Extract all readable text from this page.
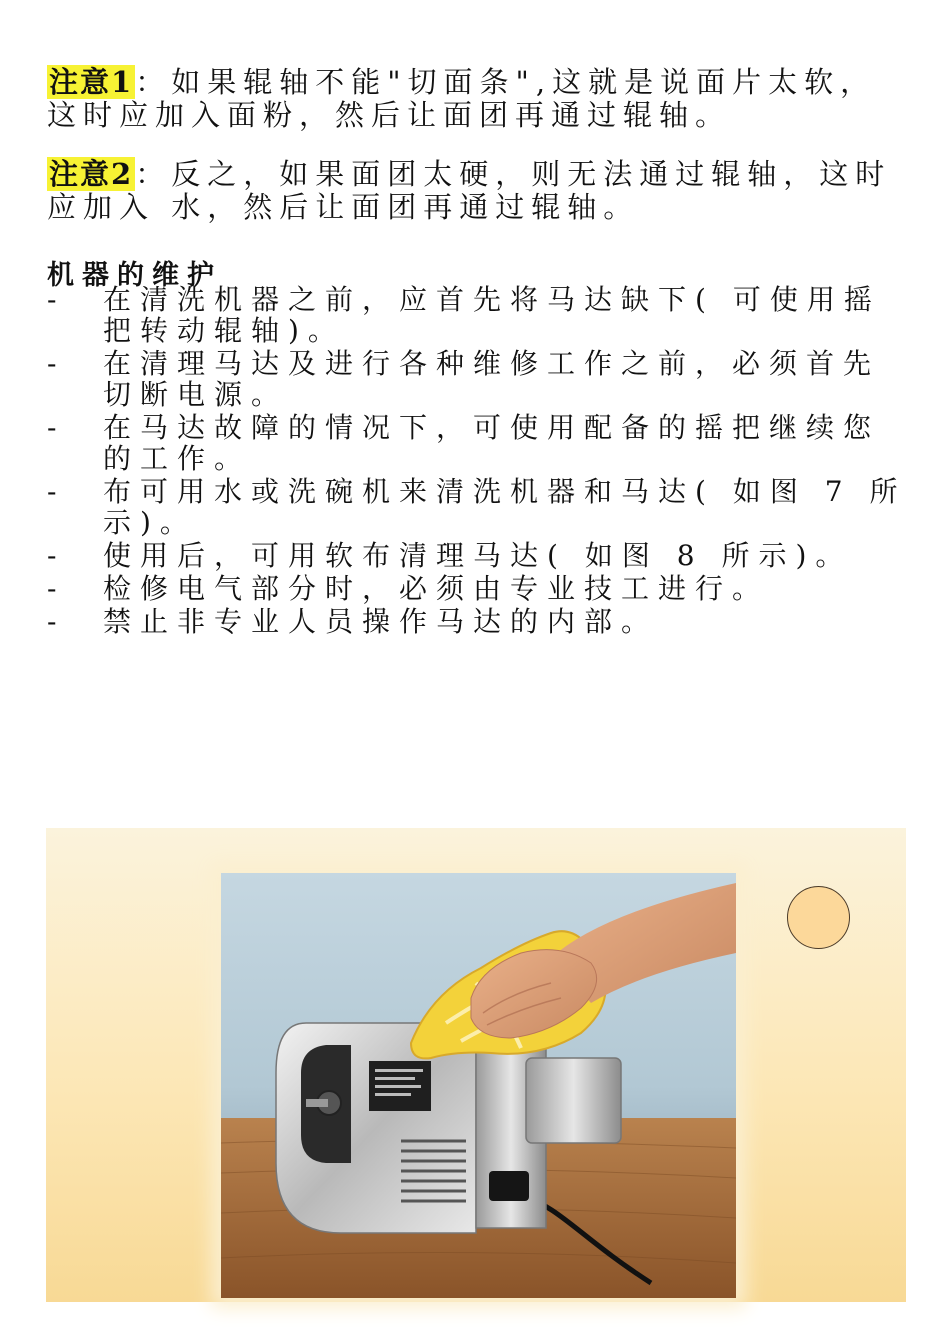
注意1：如果辊轴不能"切面条",这就是说面片太软，这时应加入面粉，然后让面团再通过辊轴。
注意2：反之，如果面团太硬，则无法通过辊轴，这时应加入 水，然后让面团再通过辊轴。
机器的维护
- 在清洗机器之前，应首先将马达缺下( 可使用摇把转动辊轴)。
- 在清理马达及进行各种维修工作之前，必须首先切断电源。
- 在马达故障的情况下，可使用配备的摇把继续您的工作。
- 布可用水或洗碗机来清洗机器和马达( 如图 7 所示)。
- 使用后，可用软布清理马达( 如图 8 所示)。
- 检修电气部分时，必须由专业技工进行。
- 禁止非专业人员操作马达的内部。
